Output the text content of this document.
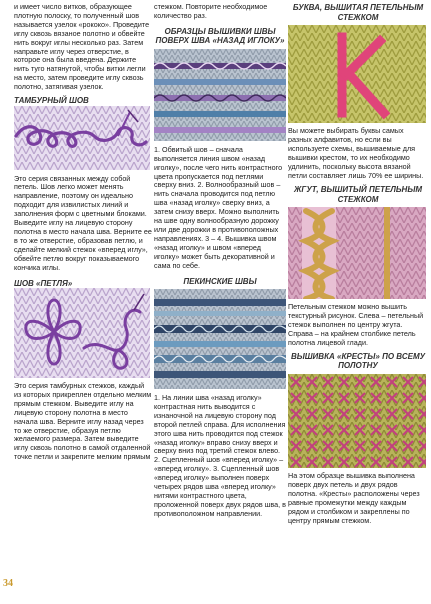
и имеет число витков, образующее плотную полоску, то полученный шов называется узелок «рококо». Проведите иглу сквозь вязаное полотно и обвейте нить вокруг иглы несколько раз. Затем направьте иглу через отверстие, в которое она была введена. Держите нить туго натянутой, чтобы витки легли на место, затем проведите иглу сквозь полотно, затягивая узелок.

ТАМБУРНЫЙ ШОВ

Это серия связанных между собой петель. Шов легко может менять направление, поэтому он идеально подходит для извилистых линий и заполнения форм с цветными блоками. Выведите иглу на лицевую сторону полотна в место начала шва. Верните ее в то же отверстие, образовав петлю, и сделайте мелкий стежок «вперед иглу», обвейте петлю вокруг показываемого кончика иглы.

ШОВ «ПЕТЛЯ»

Это серия тамбурных стежков, каждый из которых прикреплен отдельно мелким прямым стежком. Выведите иглу на лицевую сторону полотна в место начала шва. Верните иглу назад через то же отверстие, образуя петлю желаемого размера. Затем выведите иглу сквозь полотно в самой отдаленной точке петли и закрепите мелким прямым

стежком. Повторите необходимое количество раз.

ОБРАЗЦЫ ВЫШИВКИ ШВЫ ПОВЕРХ ШВА «НАЗАД ИГЛОКУ»

1. Обвитый шов – сначала выполняется линия швом «назад иголку», после чего нить контрастного цвета пропускается под петлями сверху вниз. 2. Волнообразный шов – нить сначала проводится под петлю шва «назад иголку» сверху вниз, а затем снизу вверх. Можно выполнить на шве одну волнообразную дорожку или две дорожки в противоположных направлениях. 3 – 4. Вышивка швом «назад иголку» и швом «вперед иголку» может быть декоративной и сама по себе.

ПЕКИНСКИЕ ШВЫ

1. На линии шва «назад иголку» контрастная нить выводится с изнаночной на лицевую сторону под второй петлей справа. Для исполнения этого шва нить проводится под стежок «назад иголку» вправо снизу вверх и сверху вниз под третий стежок влево. 2. Сцепленный шов «вперед иголку» – «вперед иголку». 3. Сцепленный шов «вперед иголку» выполнен поверх четырех рядов шва «вперед иголку» нитями контрастного цвета, проложенной поверх двух рядов шва, в противоположном направлении.

БУКВА, ВЫШИТАЯ ПЕТЕЛЬНЫМ СТЕЖКОМ

Вы можете выбирать буквы самых разных алфавитов, но если вы используете схемы, вышиваемые для вышивки крестом, то их необходимо удлинить, поскольку высота вязаной петли составляет лишь 70% ее ширины.

ЖГУТ, ВЫШИТЫЙ ПЕТЕЛЬНЫМ СТЕЖКОМ

Петельным стежком можно вышить текстурный рисунок. Слева – петельный стежок выполнен по центру жгута. Справа – на крайнем столбике петель полотна лицевой глади.

ВЫШИВКА «КРЕСТЫ» ПО ВСЕМУ ПОЛОТНУ

На этом образце вышивка выполнена поверх двух петель и двух рядов полотна. «Кресты» расположены через равные промежутки между каждым рядом и столбиком и закреплены по центру прямым стежком.

34
